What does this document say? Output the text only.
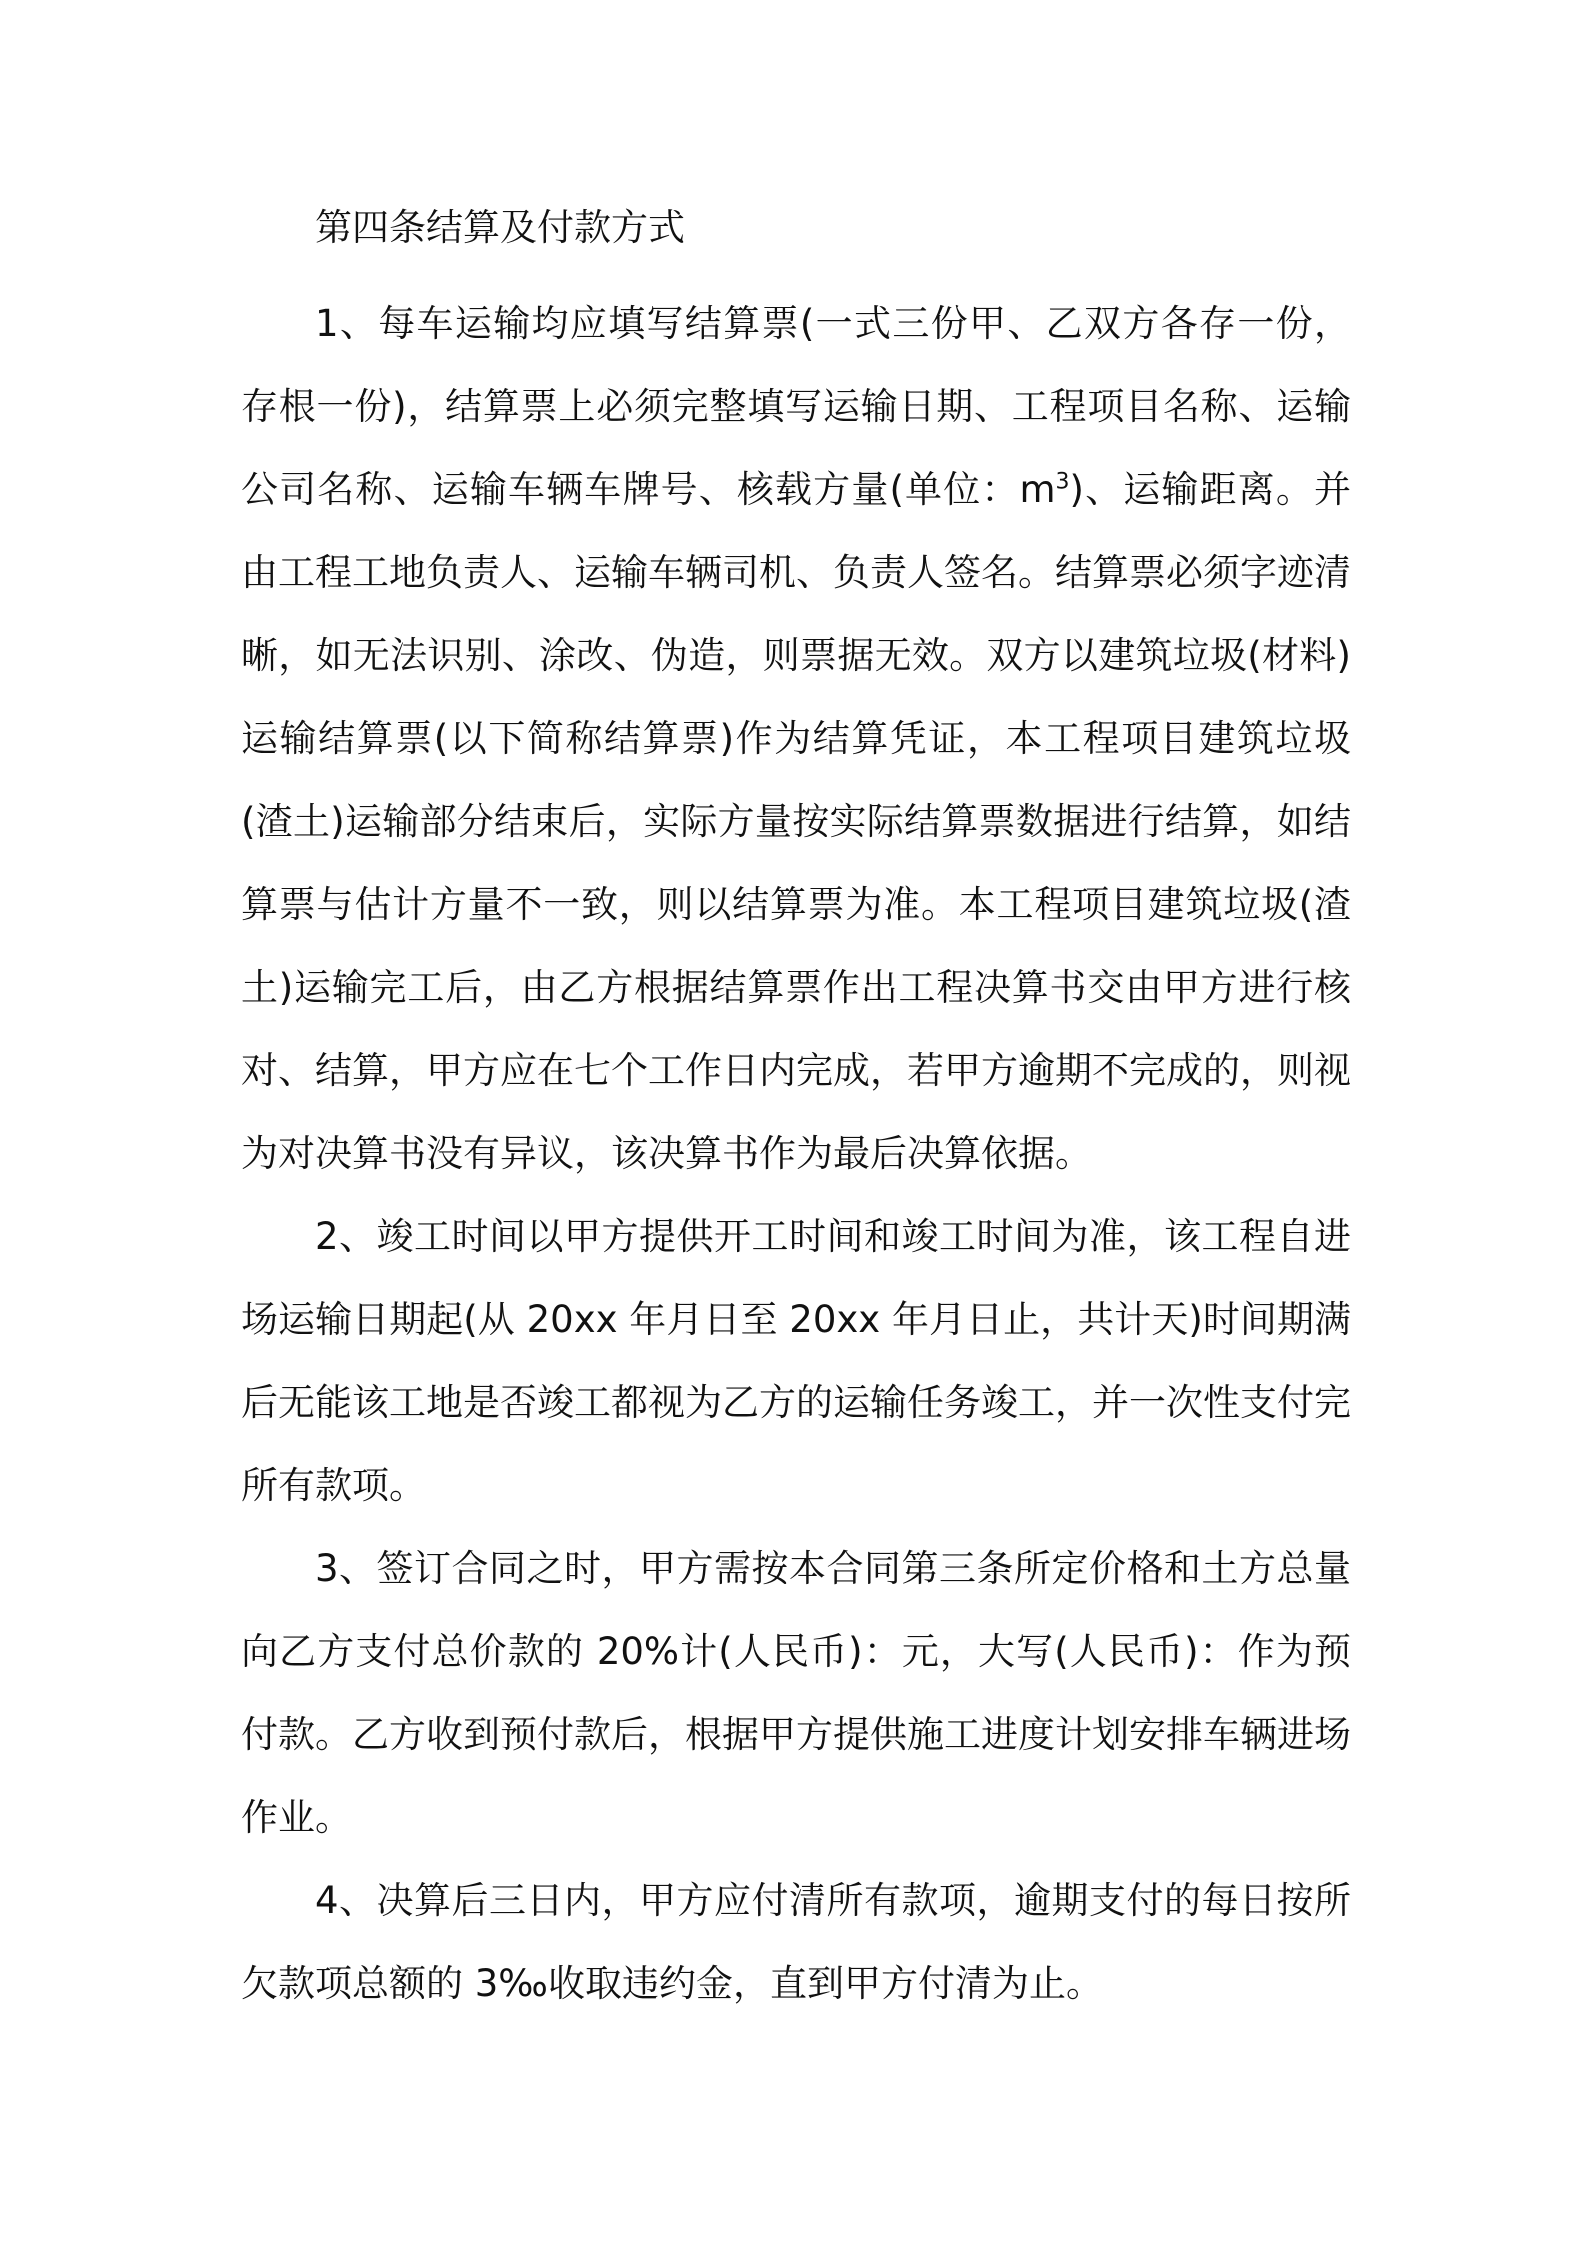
第四条结算及付款方式

1、每车运输均应填写结算票(一式三份甲、乙双方各存一份，存根一份)，结算票上必须完整填写运输日期、工程项目名称、运输公司名称、运输车辆车牌号、核载方量(单位：$m^3$)、运输距离。并由工程工地负责人、运输车辆司机、负责人签名。结算票必须字迹清晰，如无法识别、涂改、伪造，则票据无效。双方以建筑垃圾(材料)运输结算票(以下简称结算票)作为结算凭证，本工程项目建筑垃圾(渣土)运输部分结束后，实际方量按实际结算票数据进行结算，如结算票与估计方量不一致，则以结算票为准。本工程项目建筑垃圾(渣土)运输完工后，由乙方根据结算票作出工程决算书交由甲方进行核对、结算，甲方应在七个工作日内完成，若甲方逾期不完成的，则视为对决算书没有异议，该决算书作为最后决算依据。

2、竣工时间以甲方提供开工时间和竣工时间为准，该工程自进场运输日期起(从 20xx 年月日至 20xx 年月日止，共计天)时间期满后无能该工地是否竣工都视为乙方的运输任务竣工，并一次性支付完所有款项。

3、签订合同之时，甲方需按本合同第三条所定价格和土方总量向乙方支付总价款的 20%计(人民币)：元，大写(人民币)：作为预付款。乙方收到预付款后，根据甲方提供施工进度计划安排车辆进场作业。

4、决算后三日内，甲方应付清所有款项，逾期支付的每日按所欠款项总额的 3‰收取违约金，直到甲方付清为止。
